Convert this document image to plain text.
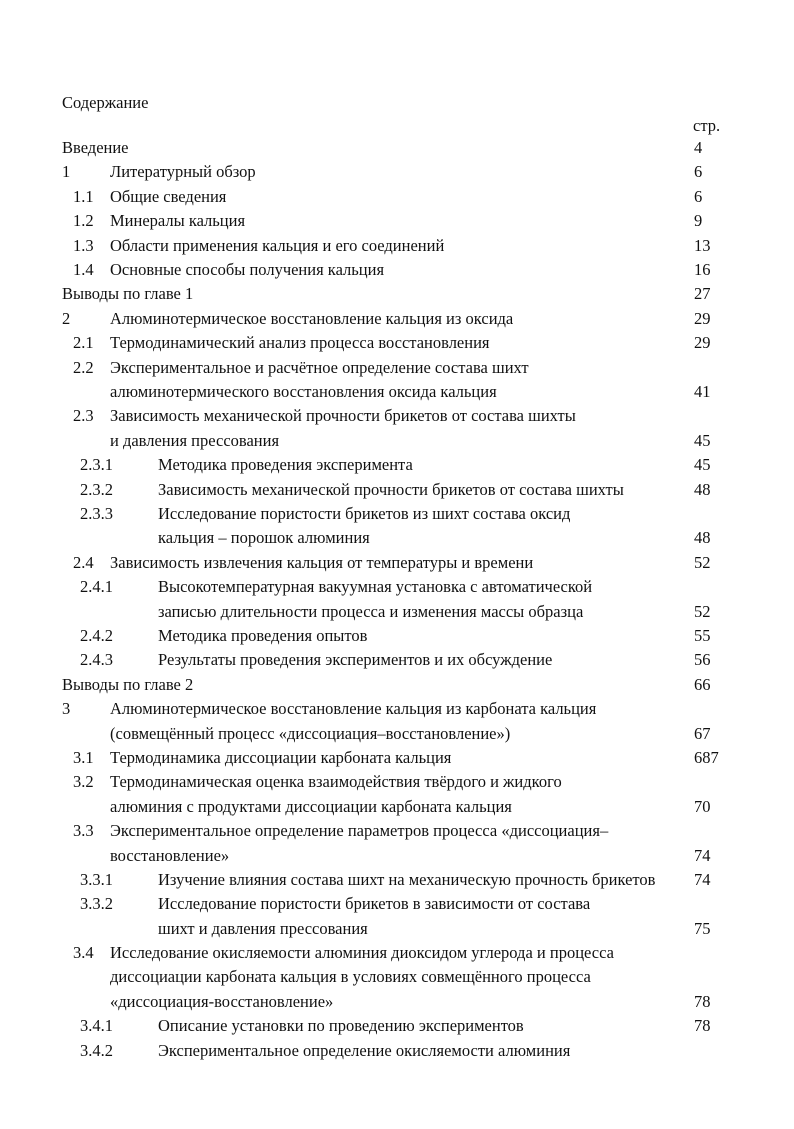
Содержание
стр.
Введение	4
1 Литературный обзор	6
1.1 Общие сведения	6
1.2 Минералы кальция	9
1.3 Области применения кальция и его соединений	13
1.4 Основные способы получения кальция	16
Выводы по главе 1	27
2 Алюминотермическое восстановление кальция из оксида	29
2.1 Термодинамический анализ процесса восстановления	29
2.2 Экспериментальное и расчётное определение состава шихт
алюминотермического восстановления оксида кальция	41
2.3 Зависимость механической прочности брикетов от состава шихты
и давления прессования	45
2.3.1	Методика проведения эксперимента	45
2.3.2	Зависимость механической прочности брикетов от состава шихты	48
2.3.3	Исследование пористости брикетов из шихт состава оксид
кальция – порошок алюминия	48
2.4 Зависимость извлечения кальция от температуры и времени	52
2.4.1	Высокотемпературная вакуумная установка с автоматической
записью длительности процесса и изменения массы образца	52
2.4.2	Методика проведения опытов	55
2.4.3	Результаты проведения экспериментов и их обсуждение	56
Выводы по главе 2	66
3 Алюминотермическое восстановление кальция из карбоната кальция
(совмещённый процесс «диссоциация–восстановление»)	67
3.1 Термодинамика диссоциации карбоната кальция	687
3.2 Термодинамическая оценка взаимодействия твёрдого и жидкого
алюминия с продуктами диссоциации карбоната кальция	70
3.3 Экспериментальное определение параметров процесса «диссоциация–
восстановление»	74
3.3.1	Изучение влияния состава шихт на механическую прочность брикетов 74
3.3.2	Исследование пористости брикетов в зависимости от состава
шихт и давления прессования	75
3.4 Исследование окисляемости алюминия диоксидом углерода и процесса
диссоциации карбоната кальция в условиях совмещённого процесса
«диссоциация-восстановление»	78
3.4.1	Описание установки по проведению экспериментов	78
3.4.2	Экспериментальное определение окисляемости алюминия
